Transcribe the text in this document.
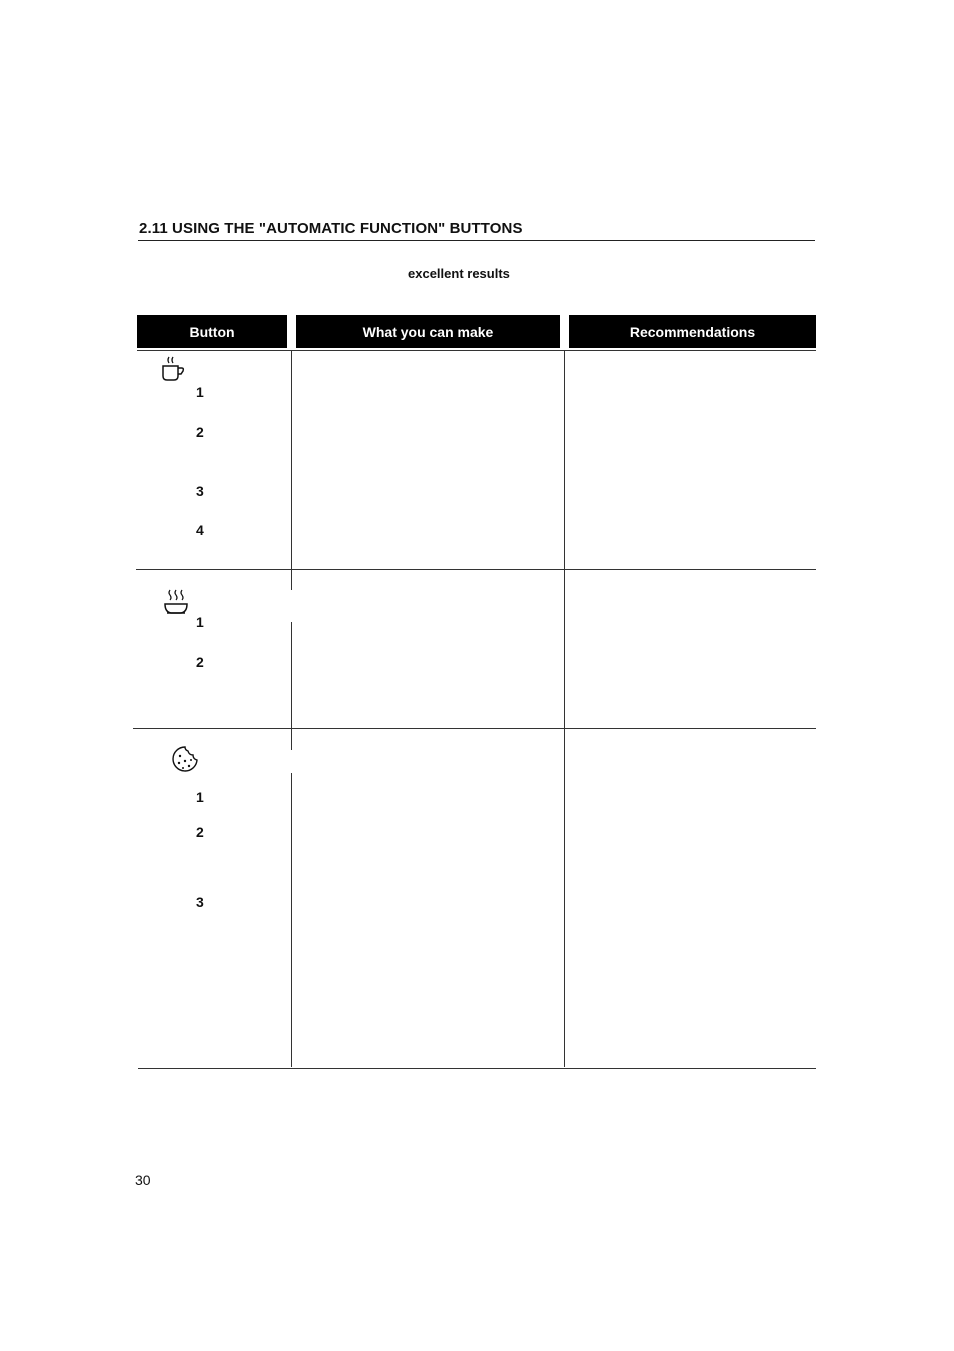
2.11 USING THE "AUTOMATIC FUNCTION" BUTTONS
excellent results
Button	What you can make	Recommendations
1
2
3
4
1
2
1
2
3
30
